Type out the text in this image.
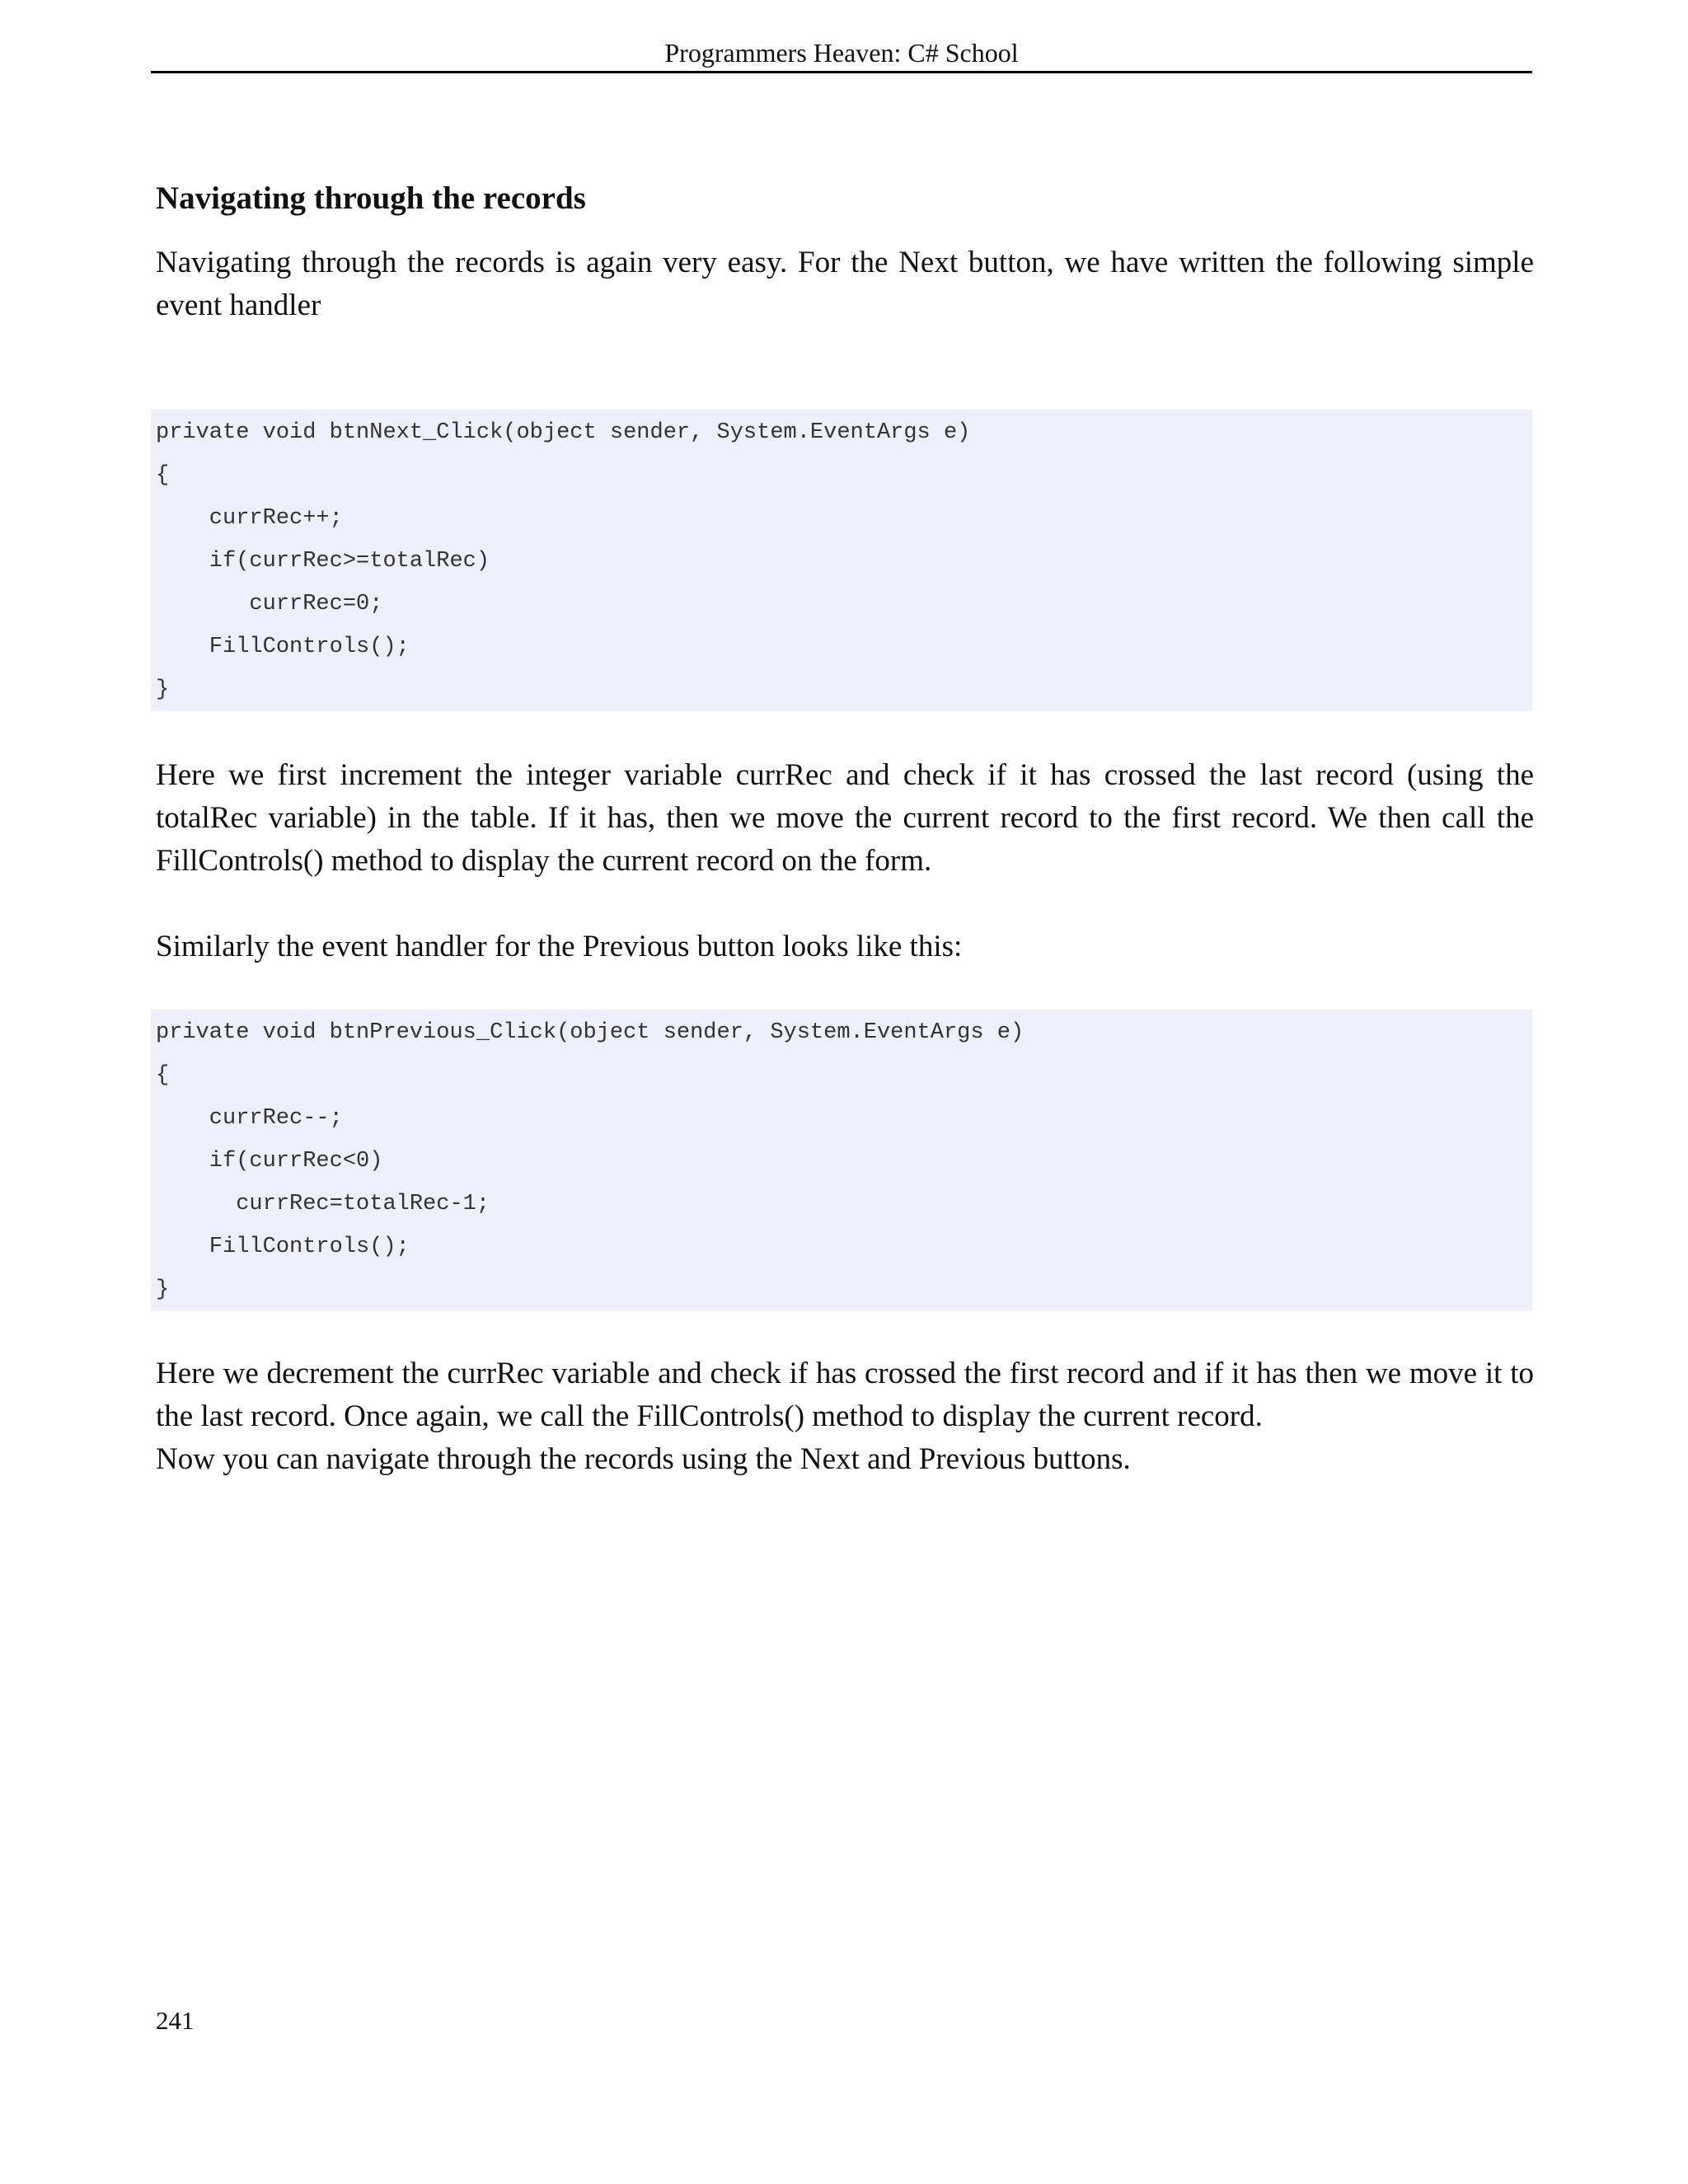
Programmers Heaven: C# School
Navigating through the records

Navigating through the records is again very easy. For the Next button, we have written the following simple event handler

private void btnNext_Click(object sender, System.EventArgs e)
{
currRec++;
if(currRec>=totalRec)
currRec=0;
FillControls();
}

Here we first increment the integer variable currRec and check if it has crossed the last record (using the totalRec variable) in the table. If it has, then we move the current record to the first record. We then call the FillControls() method to display the current record on the form.

Similarly the event handler for the Previous button looks like this:

private void btnPrevious_Click(object sender, System.EventArgs e)
{
currRec--;
if(currRec<0)
currRec=totalRec-1;
FillControls();
}

Here we decrement the currRec variable and check if has crossed the first record and if it has then we move it to the last record. Once again, we call the FillControls() method to display the current record.

Now you can navigate through the records using the Next and Previous buttons.

241
